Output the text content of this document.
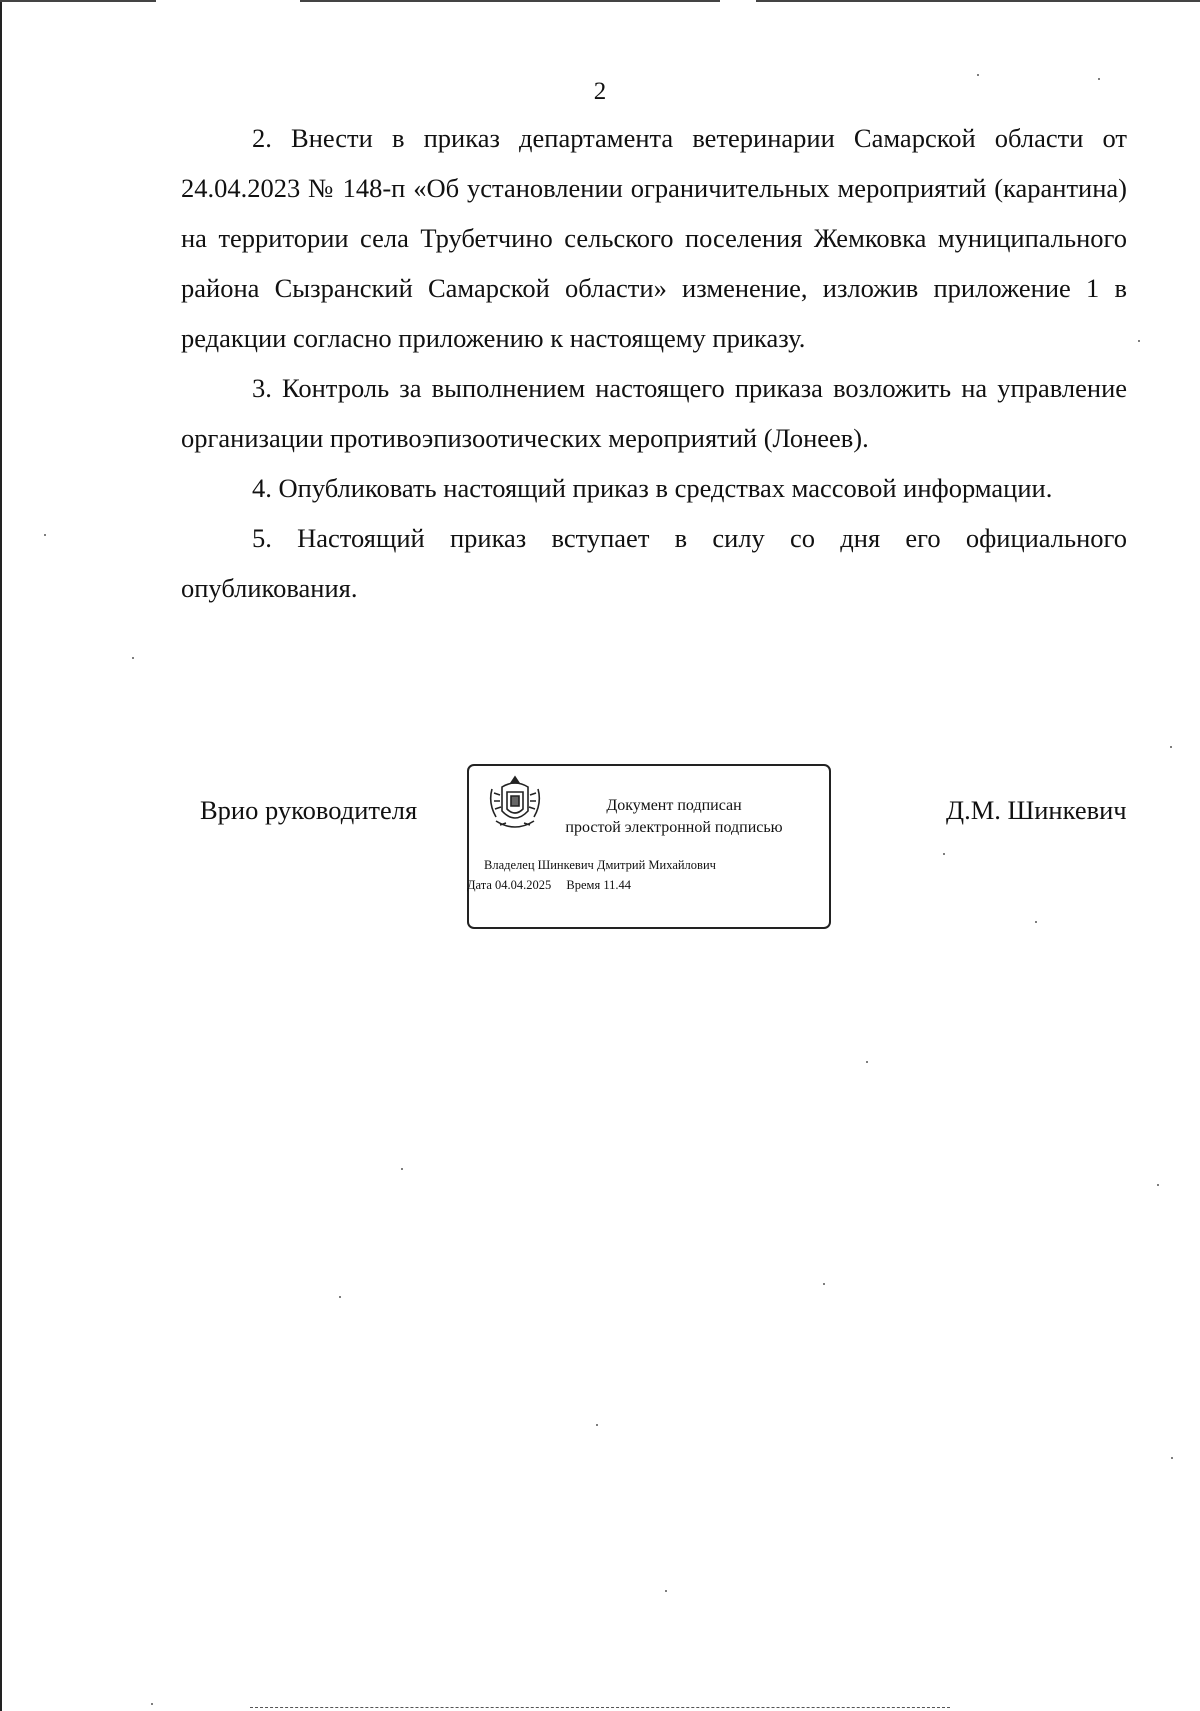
2

2. Внести в приказ департамента ветеринарии Самарской области от 24.04.2023 № 148-п «Об установлении ограничительных мероприятий (карантина) на территории села Трубетчино сельского поселения Жемковка муниципального района Сызранский Самарской области» изменение, изложив приложение 1 в редакции согласно приложению к настоящему приказу.

3. Контроль за выполнением настоящего приказа возложить на управление организации противоэпизоотических мероприятий (Лонеев).

4. Опубликовать настоящий приказ в средствах массовой информации.

5. Настоящий приказ вступает в силу со дня его официального опубликования.

Врио руководителя	Документ подписан
простой электронной подписью
Владелец Шинкевич Дмитрий Михайлович
Дата 04.04.2025 Время 11.44
Д.М. Шинкевич
